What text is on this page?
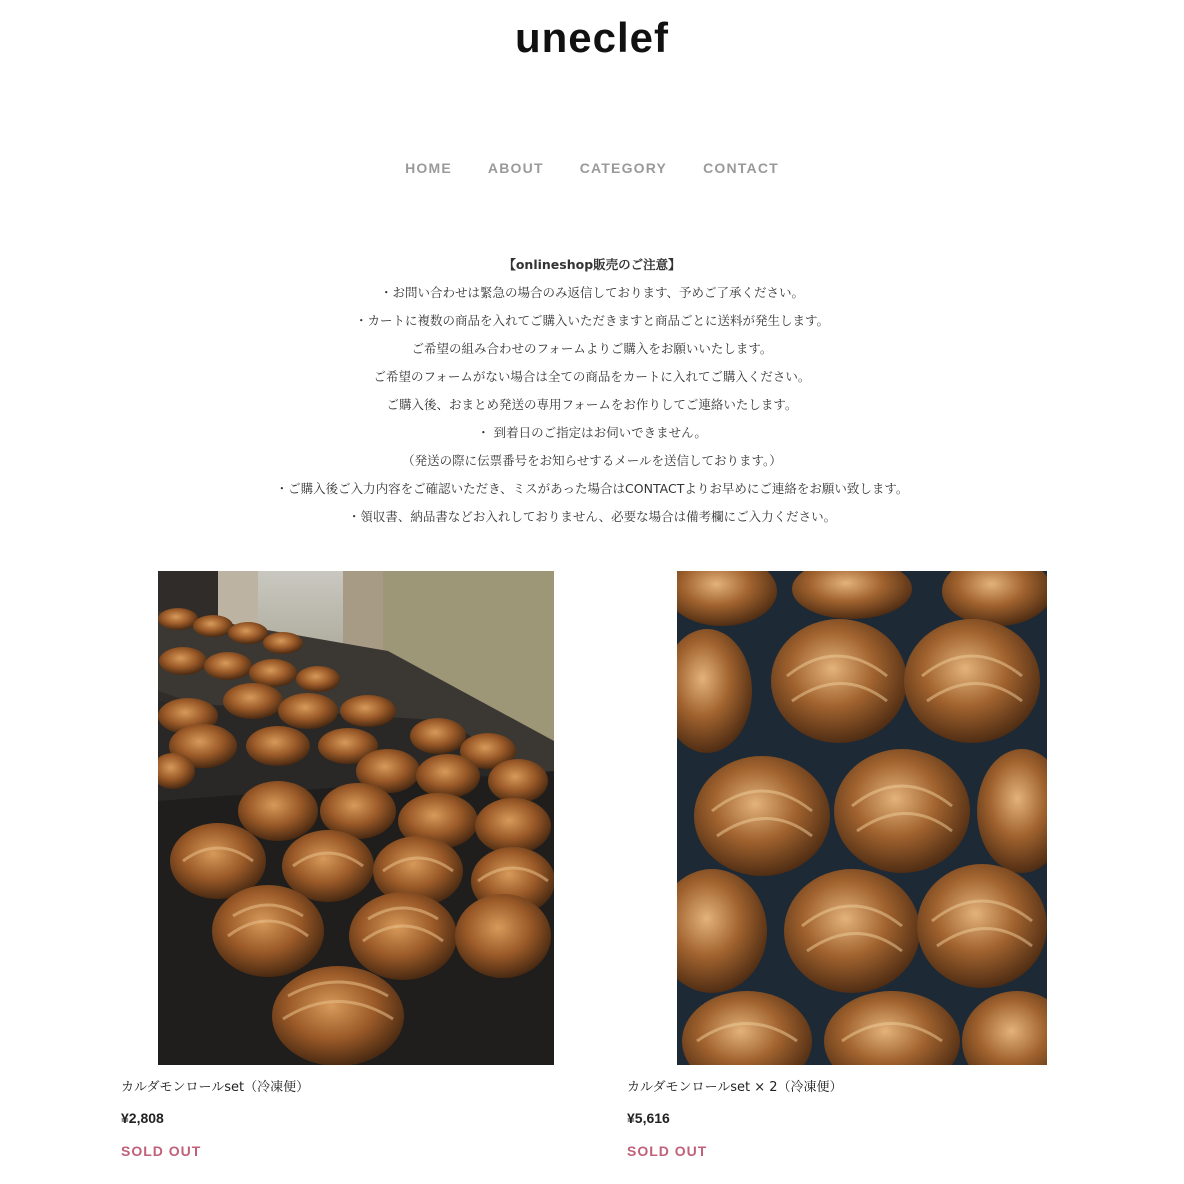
uneclef
HOME	ABOUT	CATEGORY	CONTACT
【onlineshop販売のご注意】
・お問い合わせは緊急の場合のみ返信しております、予めご了承ください。
・カートに複数の商品を入れてご購入いただきますと商品ごとに送料が発生します。
ご希望の組み合わせのフォームよりご購入をお願いいたします。
ご希望のフォームがない場合は全ての商品をカートに入れてご購入ください。
ご購入後、おまとめ発送の専用フォームをお作りしてご連絡いたします。
・ 到着日のご指定はお伺いできません。
（発送の際に伝票番号をお知らせするメールを送信しております。）
・ご購入後ご入力内容をご確認いただき、ミスがあった場合はCONTACTよりお早めにご連絡をお願い致します。
・領収書、納品書などお入れしておりません、必要な場合は備考欄にご入力ください。
カルダモンロールset（冷凍便）
¥2,808
SOLD OUT
カルダモンロールset × 2（冷凍便）
¥5,616
SOLD OUT
